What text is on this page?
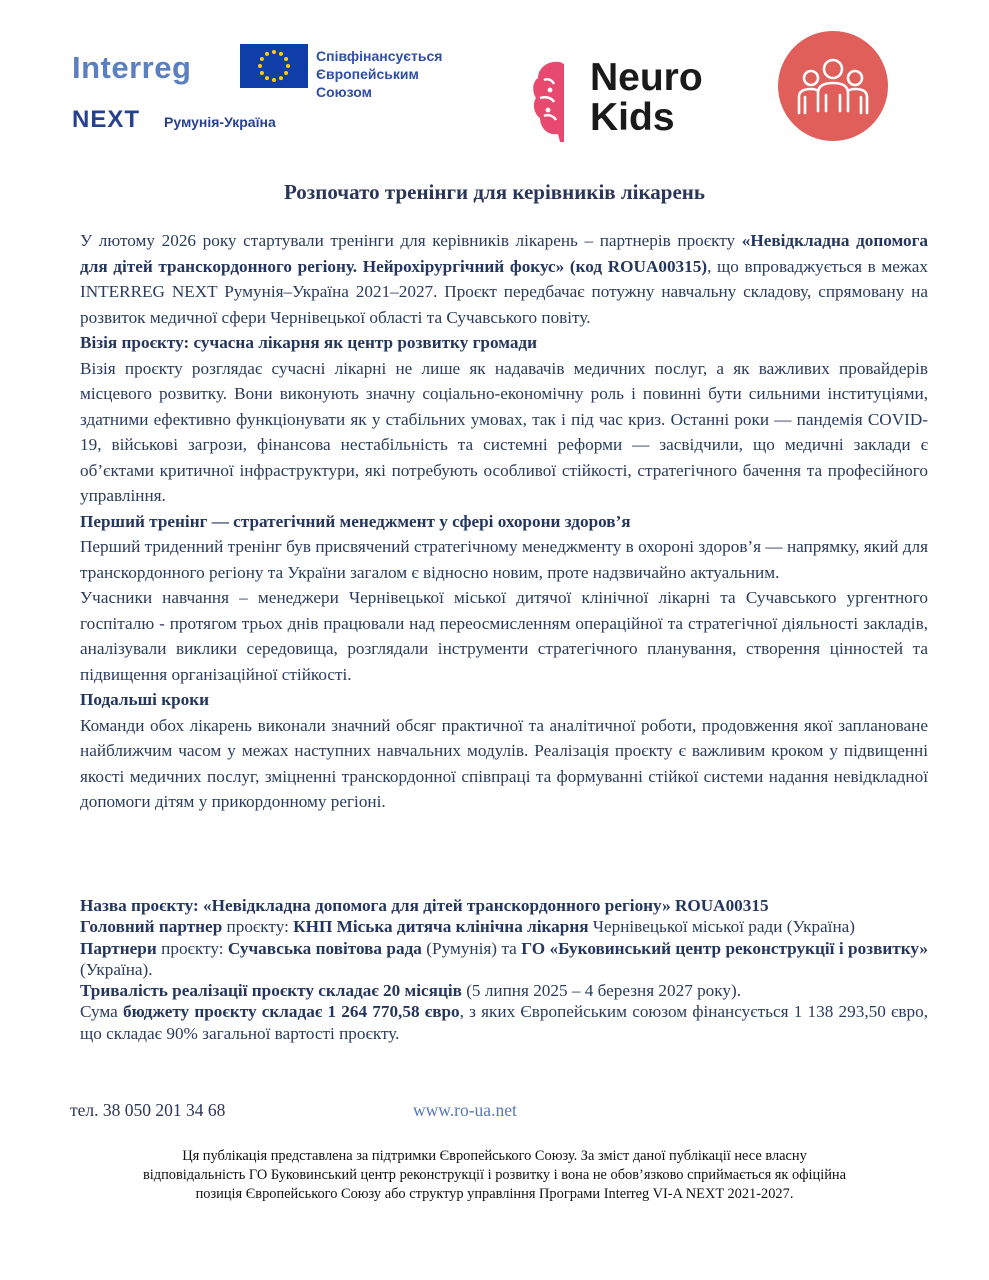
Interreg	Співфінансується
Європейським
Союзом
NEXT Румунія-Україна
Neuro
Kids
Розпочато тренінги для керівників лікарень

У лютому 2026 року стартували тренінги для керівників лікарень – партнерів проєкту «Невідкладна допомога для дітей транскордонного регіону. Нейрохірургічний фокус» (код ROUA00315), що впроваджується в межах INTERREG NEXT Румунія–Україна 2021–2027. Проєкт передбачає потужну навчальну складову, спрямовану на розвиток медичної сфери Чернівецької області та Сучавського повіту.

Візія проєкту: сучасна лікарня як центр розвитку громади

Візія проєкту розглядає сучасні лікарні не лише як надавачів медичних послуг, а як важливих провайдерів місцевого розвитку. Вони виконують значну соціально-економічну роль і повинні бути сильними інституціями, здатними ефективно функціонувати як у стабільних умовах, так і під час криз. Останні роки — пандемія COVID-19, військові загрози, фінансова нестабільність та системні реформи — засвідчили, що медичні заклади є об’єктами критичної інфраструктури, які потребують особливої стійкості, стратегічного бачення та професійного управління.

Перший тренінг — стратегічний менеджмент у сфері охорони здоров’я

Перший триденний тренінг був присвячений стратегічному менеджменту в охороні здоров’я — напрямку, який для транскордонного регіону та України загалом є відносно новим, проте надзвичайно актуальним.

Учасники навчання – менеджери Чернівецької міської дитячої клінічної лікарні та Сучавського ургентного госпіталю - протягом трьох днів працювали над переосмисленням операційної та стратегічної діяльності закладів, аналізували виклики середовища, розглядали інструменти стратегічного планування, створення цінностей та підвищення організаційної стійкості.

Подальші кроки

Команди обох лікарень виконали значний обсяг практичної та аналітичної роботи, продовження якої заплановане найближчим часом у межах наступних навчальних модулів. Реалізація проєкту є важливим кроком у підвищенні якості медичних послуг, зміцненні транскордонної співпраці та формуванні стійкої системи надання невідкладної допомоги дітям у прикордонному регіоні.

Назва проєкту: «Невідкладна допомога для дітей транскордонного регіону» ROUA00315

Головний партнер проєкту: КНП Міська дитяча клінічна лікарня Чернівецької міської ради (Україна)

Партнери проєкту: Сучавська повітова рада (Румунія) та ГО «Буковинський центр реконструкції і розвитку» (Україна).

Тривалість реалізації проєкту складає 20 місяців (5 липня 2025 – 4 березня 2027 року).

Сума бюджету проєкту складає 1 264 770,58 євро, з яких Європейським союзом фінансується 1 138 293,50 євро, що складає 90% загальної вартості проєкту.

тел. 38 050 201 34 68	www.ro-ua.net
Ця публікація представлена за підтримки Європейського Союзу. За зміст даної публікації несе власну
відповідальність ГО Буковинський центр реконструкції і розвитку і вона не обов’язково сприймається як офіційна
позиція Європейського Союзу або структур управління Програми Interreg VI-A NEXT 2021-2027.
